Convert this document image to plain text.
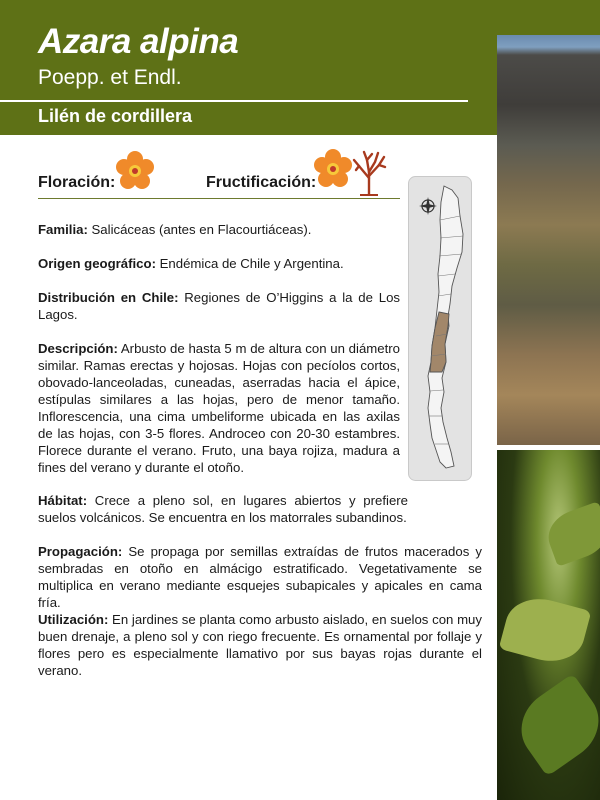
Azara alpina
Poepp. et Endl.
Lilén de cordillera
Floración:	Fructificación:
Familia: Salicáceas (antes en Flacourtiáceas).
Origen geográfico: Endémica de Chile y Argentina.
Distribución en Chile: Regiones de O’Higgins a la de Los Lagos.
Descripción: Arbusto de hasta 5 m de altura con un diámetro similar. Ramas erectas y hojosas. Hojas con pecíolos cortos, obovado-lanceoladas, cuneadas, aserradas hacia el ápice, estípulas similares a las hojas, pero de menor tamaño. Inflorescencia, una cima umbeliforme ubicada en las axilas de las hojas, con 3-5 flores. Androceo con 20-30 estambres. Florece durante el verano. Fruto, una baya rojiza, madura a fines del verano y durante el otoño.
Hábitat: Crece a pleno sol, en lugares abiertos y prefiere suelos volcánicos. Se encuentra en los matorrales subandinos.
Propagación: Se propaga por semillas extraídas de frutos macerados y sembradas en otoño en almácigo estratificado. Vegetativamente se multiplica en verano mediante esquejes subapicales y apicales en cama fría.
Utilización: En jardines se planta como arbusto aislado, en suelos con muy buen drenaje, a pleno sol y con riego frecuente. Es ornamental por follaje y flores pero es especialmente llamativo por sus bayas rojas durante el verano.
